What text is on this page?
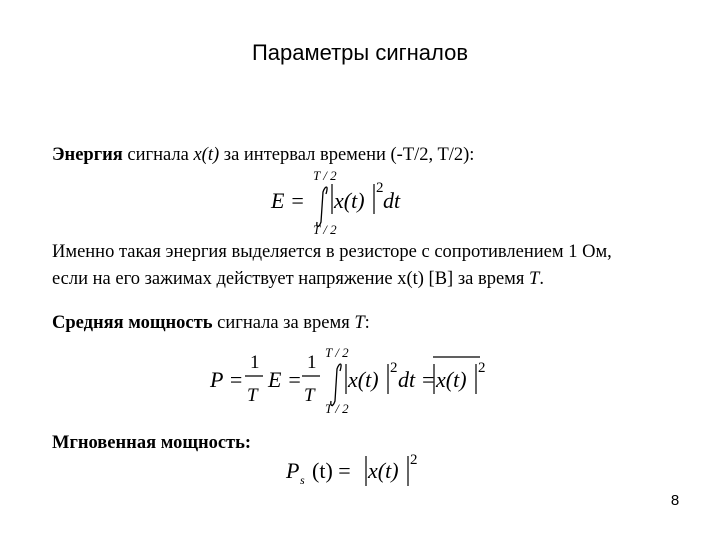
Параметры сигналов
Энергия сигнала x(t) за интервал времени (-T/2, T/2):
E =
T / 2
T / 2
x(t) 2 dt
Именно такая энергия выделяется в резисторе с сопротивлением 1 Ом,
если на его зажимах действует напряжение x(t) [В] за время T.
Средняя мощность сигнала за время T:
P =
1
T
E =
1
T
T / 2
T / 2
x(t) 2 dt = x(t) 2
Мгновенная мощность:
P s (t) = x(t) 2
8
